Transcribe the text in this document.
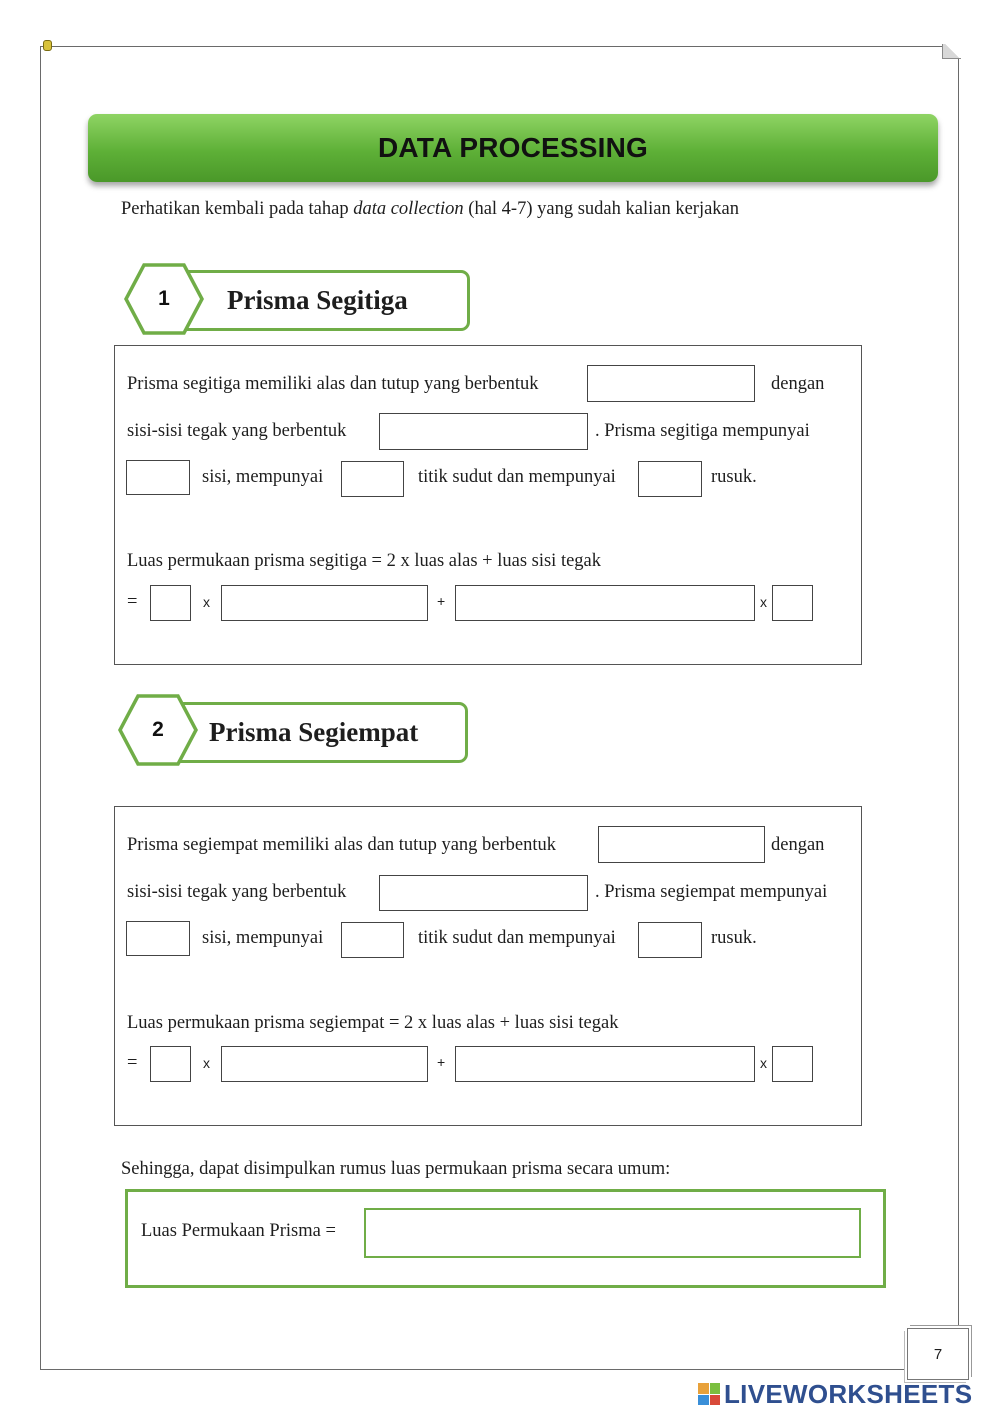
DATA PROCESSING
Perhatikan kembali pada tahap data collection (hal 4-7) yang sudah kalian kerjakan
Prisma Segitiga
1
Prisma segitiga memiliki alas dan tutup yang berbentuk	dengan
sisi-sisi tegak yang berbentuk	. Prisma segitiga mempunyai
sisi, mempunyai	titik sudut dan mempunyai	rusuk.
Luas permukaan prisma segitiga = 2 x luas alas + luas sisi tegak
=	x	+	x
Prisma Segiempat
2
Prisma segiempat memiliki alas dan tutup yang berbentuk	dengan
sisi-sisi tegak yang berbentuk	. Prisma segiempat mempunyai
sisi, mempunyai	titik sudut dan mempunyai	rusuk.
Luas permukaan prisma segiempat = 2 x luas alas + luas sisi tegak
=	x	+	x
Sehingga, dapat disimpulkan rumus luas permukaan prisma secara umum:
Luas Permukaan Prisma =
7
LIVEWORKSHEETS
